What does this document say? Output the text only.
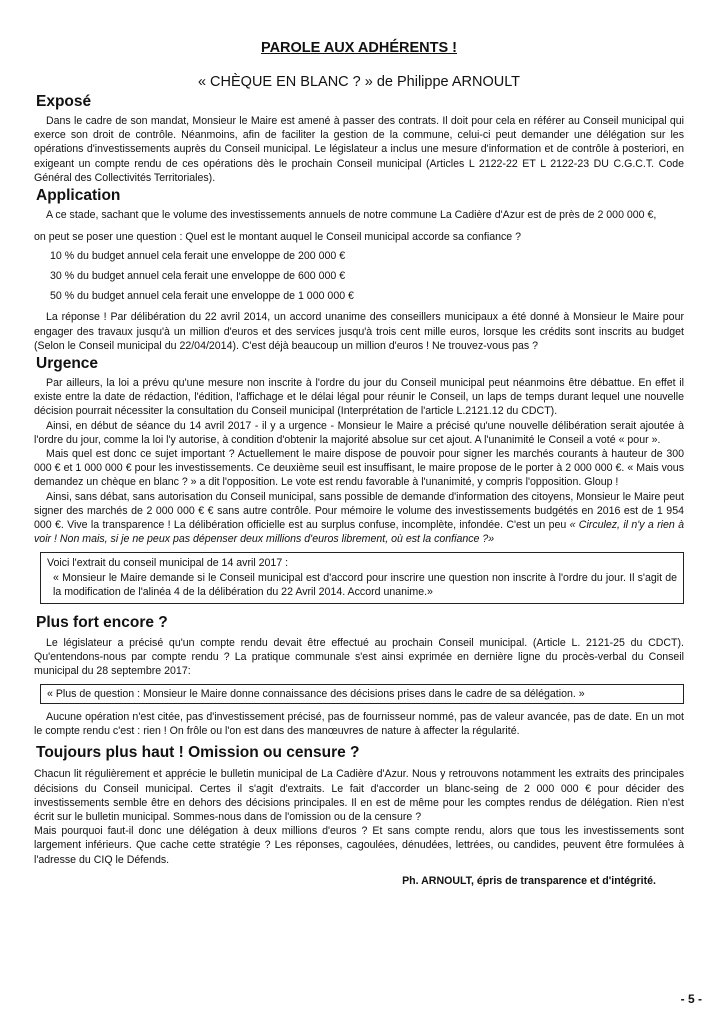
PAROLE AUX ADHÉRENTS !
« CHÈQUE EN BLANC ? » de Philippe ARNOULT
Exposé

Dans le cadre de son mandat, Monsieur le Maire est amené à passer des contrats. Il doit pour cela en référer au Conseil municipal qui exerce son droit de contrôle. Néanmoins, afin de faciliter la gestion de la commune, celui-ci peut demander une délégation sur les opérations d'investissements auprès du Conseil municipal. Le législateur a inclus une mesure d'information et de contrôle à posteriori, en exigeant un compte rendu de ces opérations dès le prochain Conseil municipal (Articles L 2122-22 ET L 2122-23 DU C.G.C.T. Code Général des Collectivités Territoriales).

Application

A ce stade, sachant que le volume des investissements annuels de notre commune La Cadière d'Azur est de près de 2 000 000 €,

on peut se poser une question : Quel est le montant auquel le Conseil municipal accorde sa confiance ?

10 % du budget annuel cela ferait une enveloppe de 200 000 €
30 % du budget annuel cela ferait une enveloppe de 600 000 €
50 % du budget annuel cela ferait une enveloppe de 1 000 000 €

La réponse ! Par délibération du 22 avril 2014, un accord unanime des conseillers municipaux a été donné à Monsieur le Maire pour engager des travaux jusqu'à un million d'euros et des services jusqu'à trois cent mille euros, lorsque les crédits sont inscrits au budget (Selon le Conseil municipal du 22/04/2014). C'est déjà beaucoup un million d'euros ! Ne trouvez-vous pas ?

Urgence

Par ailleurs, la loi a prévu qu'une mesure non inscrite à l'ordre du jour du Conseil municipal peut néanmoins être débattue. En effet il existe entre la date de rédaction, l'édition, l'affichage et le délai légal pour réunir le Conseil, un laps de temps durant lequel une nouvelle décision pourrait nécessiter la consultation du Conseil municipal (Interprétation de l'article L.2121.12 du CDCT).

Ainsi, en début de séance du 14 avril 2017 - il y a urgence - Monsieur le Maire a précisé qu'une nouvelle délibération serait ajoutée à l'ordre du jour, comme la loi l'y autorise, à condition d'obtenir la majorité absolue sur cet ajout. A l'unanimité le Conseil a voté « pour ».

Mais quel est donc ce sujet important ? Actuellement le maire dispose de pouvoir pour signer les marchés courants à hauteur de 300 000 € et 1 000 000 € pour les investissements. Ce deuxième seuil est insuffisant, le maire propose de le porter à 2 000 000 €. « Mais vous demandez un chèque en blanc ? » a dit l'opposition. Le vote est rendu favorable à l'unanimité, y compris l'opposition. Gloup !

Ainsi, sans débat, sans autorisation du Conseil municipal, sans possible de demande d'information des citoyens, Monsieur le Maire peut signer des marchés de 2 000 000 € € sans autre contrôle. Pour mémoire le volume des investissements budgétés en 2016 est de 1 954 000 €. Vive la transparence ! La délibération officielle est au surplus confuse, incomplète, infondée. C'est un peu « Circulez, il n'y a rien à voir ! Non mais, si je ne peux pas dépenser deux millions d'euros librement, où est la confiance ?»

Voici l'extrait du conseil municipal de 14 avril 2017 :

« Monsieur le Maire demande si le Conseil municipal est d'accord pour inscrire une question non inscrite à l'ordre du jour. Il s'agit de la modification de l'alinéa 4 de la délibération du 22 Avril 2014. Accord unanime.»

Plus fort encore ?

Le législateur a précisé qu'un compte rendu devait être effectué au prochain Conseil municipal. (Article L. 2121-25 du CDCT). Qu'entendons-nous par compte rendu ? La pratique communale s'est ainsi exprimée en dernière ligne du procès-verbal du Conseil municipal du 28 septembre 2017:

« Plus de question : Monsieur le Maire donne connaissance des décisions prises dans le cadre de sa délégation. »

Aucune opération n'est citée, pas d'investissement précisé, pas de fournisseur nommé, pas de valeur avancée, pas de date. En un mot le compte rendu c'est : rien ! On frôle ou l'on est dans des manœuvres de nature à affecter la régularité.

Toujours plus haut ! Omission ou censure ?

Chacun lit régulièrement et apprécie le bulletin municipal de La Cadière d'Azur. Nous y retrouvons notamment les extraits des principales décisions du Conseil municipal. Certes il s'agit d'extraits. Le fait d'accorder un blanc-seing de 2 000 000 € pour décider des investissements semble être en dehors des décisions principales. Il en est de même pour les comptes rendus de délégation. Rien n'est écrit sur le bulletin municipal. Sommes-nous dans de l'omission ou de la censure ?

Mais pourquoi faut-il donc une délégation à deux millions d'euros ? Et sans compte rendu, alors que tous les investissements sont largement inférieurs. Que cache cette stratégie ? Les réponses, cagoulées, dénudées, lettrées, ou candides, peuvent être formulées à l'adresse du CIQ le Défends.

Ph. ARNOULT, épris de transparence et d'intégrité.
- 5 -
